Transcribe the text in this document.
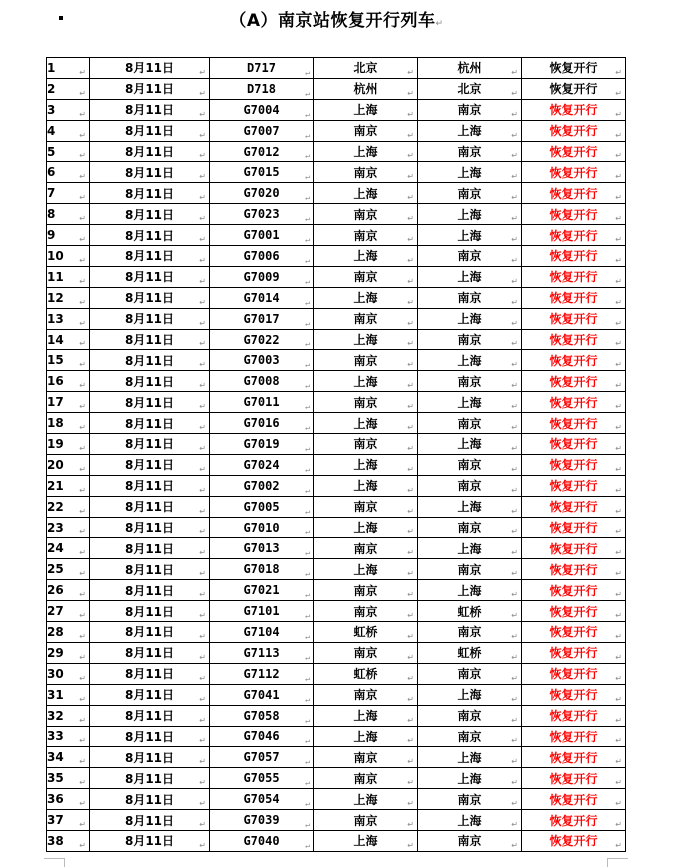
（A）南京站恢复开行列车↵
1 ↵	8月11日 ↵	D717 ↵	北京 ↵	杭州 ↵	恢复开行 ↵

2 ↵	8月11日 ↵	D718 ↵	杭州 ↵	北京 ↵	恢复开行 ↵

3 ↵	8月11日 ↵	G7004 ↵	上海 ↵	南京 ↵	恢复开行 ↵

4 ↵	8月11日 ↵	G7007 ↵	南京 ↵	上海 ↵	恢复开行 ↵

5 ↵	8月11日 ↵	G7012 ↵	上海 ↵	南京 ↵	恢复开行 ↵

6 ↵	8月11日 ↵	G7015 ↵	南京 ↵	上海 ↵	恢复开行 ↵

7 ↵	8月11日 ↵	G7020 ↵	上海 ↵	南京 ↵	恢复开行 ↵

8 ↵	8月11日 ↵	G7023 ↵	南京 ↵	上海 ↵	恢复开行 ↵

9 ↵	8月11日 ↵	G7001 ↵	南京 ↵	上海 ↵	恢复开行 ↵

10 ↵	8月11日 ↵	G7006 ↵	上海 ↵	南京 ↵	恢复开行 ↵

11 ↵	8月11日 ↵	G7009 ↵	南京 ↵	上海 ↵	恢复开行 ↵

12 ↵	8月11日 ↵	G7014 ↵	上海 ↵	南京 ↵	恢复开行 ↵

13 ↵	8月11日 ↵	G7017 ↵	南京 ↵	上海 ↵	恢复开行 ↵

14 ↵	8月11日 ↵	G7022 ↵	上海 ↵	南京 ↵	恢复开行 ↵

15 ↵	8月11日 ↵	G7003 ↵	南京 ↵	上海 ↵	恢复开行 ↵

16 ↵	8月11日 ↵	G7008 ↵	上海 ↵	南京 ↵	恢复开行 ↵

17 ↵	8月11日 ↵	G7011 ↵	南京 ↵	上海 ↵	恢复开行 ↵

18 ↵	8月11日 ↵	G7016 ↵	上海 ↵	南京 ↵	恢复开行 ↵

19 ↵	8月11日 ↵	G7019 ↵	南京 ↵	上海 ↵	恢复开行 ↵

20 ↵	8月11日 ↵	G7024 ↵	上海 ↵	南京 ↵	恢复开行 ↵

21 ↵	8月11日 ↵	G7002 ↵	上海 ↵	南京 ↵	恢复开行 ↵

22 ↵	8月11日 ↵	G7005 ↵	南京 ↵	上海 ↵	恢复开行 ↵

23 ↵	8月11日 ↵	G7010 ↵	上海 ↵	南京 ↵	恢复开行 ↵

24 ↵	8月11日 ↵	G7013 ↵	南京 ↵	上海 ↵	恢复开行 ↵

25 ↵	8月11日 ↵	G7018 ↵	上海 ↵	南京 ↵	恢复开行 ↵

26 ↵	8月11日 ↵	G7021 ↵	南京 ↵	上海 ↵	恢复开行 ↵

27 ↵	8月11日 ↵	G7101 ↵	南京 ↵	虹桥 ↵	恢复开行 ↵

28 ↵	8月11日 ↵	G7104 ↵	虹桥 ↵	南京 ↵	恢复开行 ↵

29 ↵	8月11日 ↵	G7113 ↵	南京 ↵	虹桥 ↵	恢复开行 ↵

30 ↵	8月11日 ↵	G7112 ↵	虹桥 ↵	南京 ↵	恢复开行 ↵

31 ↵	8月11日 ↵	G7041 ↵	南京 ↵	上海 ↵	恢复开行 ↵

32 ↵	8月11日 ↵	G7058 ↵	上海 ↵	南京 ↵	恢复开行 ↵

33 ↵	8月11日 ↵	G7046 ↵	上海 ↵	南京 ↵	恢复开行 ↵

34 ↵	8月11日 ↵	G7057 ↵	南京 ↵	上海 ↵	恢复开行 ↵

35 ↵	8月11日 ↵	G7055 ↵	南京 ↵	上海 ↵	恢复开行 ↵

36 ↵	8月11日 ↵	G7054 ↵	上海 ↵	南京 ↵	恢复开行 ↵

37 ↵	8月11日 ↵	G7039 ↵	南京 ↵	上海 ↵	恢复开行 ↵

38 ↵	8月11日 ↵	G7040 ↵	上海 ↵	南京 ↵	恢复开行 ↵
